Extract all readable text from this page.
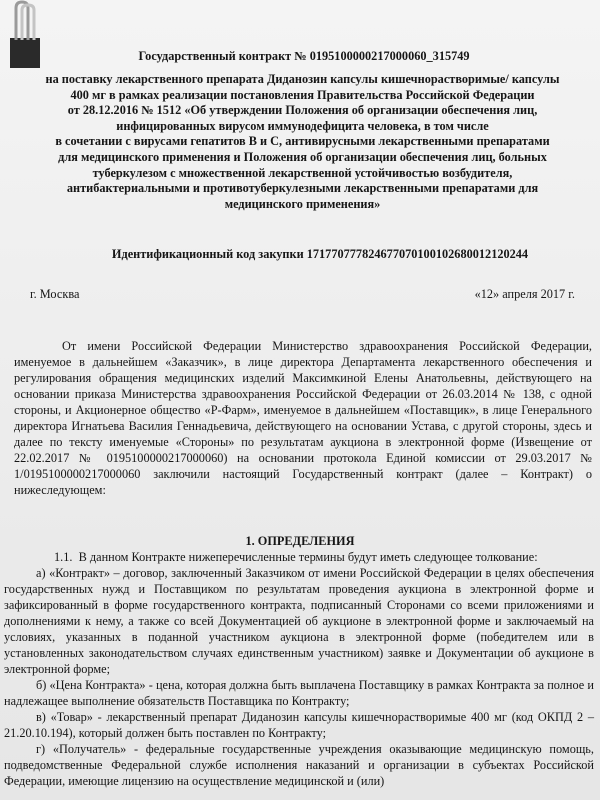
Государственный контракт № 0195100000217000060_315749

на поставку лекарственного препарата Диданозин капсулы кишечнорастворимые/ капсулы
400 мг в рамках реализации постановления Правительства Российской Федерации
от 28.12.2016 № 1512 «Об утверждении Положения об организации обеспечения лиц,
инфицированных вирусом иммунодефицита человека, в том числе
в сочетании с вирусами гепатитов В и С, антивирусными лекарственными препаратами
для медицинского применения и Положения об организации обеспечения лиц, больных
туберкулезом с множественной лекарственной устойчивостью возбудителя,
антибактериальными и противотуберкулезными лекарственными препаратами для
медицинского применения»

Идентификационный код закупки 171770777824677070100102680012120244

г. Москва	«12» апреля 2017 г.

От имени Российской Федерации Министерство здравоохранения Российской Федерации, именуемое в дальнейшем «Заказчик», в лице директора Департамента лекарственного обеспечения и регулирования обращения медицинских изделий Максимкиной Елены Анатольевны, действующего на основании приказа Министерства здравоохранения Российской Федерации от 26.03.2014 № 138, с одной стороны, и Акционерное общество «Р-Фарм», именуемое в дальнейшем «Поставщик», в лице Генерального директора Игнатьева Василия Геннадьевича, действующего на основании Устава, с другой стороны, здесь и далее по тексту именуемые «Стороны» по результатам аукциона в электронной форме (Извещение от 22.02.2017 № 0195100000217000060) на основании протокола Единой комиссии от 29.03.2017 № 1/0195100000217000060 заключили настоящий Государственный контракт (далее – Контракт) о нижеследующем:

1. ОПРЕДЕЛЕНИЯ

1.1.  В данном Контракте нижеперечисленные термины будут иметь следующее толкование:

а) «Контракт» – договор, заключенный Заказчиком от имени Российской Федерации в целях обеспечения государственных нужд и Поставщиком по результатам проведения аукциона в электронной форме и зафиксированный в форме государственного контракта, подписанный Сторонами со всеми приложениями и дополнениями к нему, а также со всей Документацией об аукционе в электронной форме и заключаемый на условиях, указанных в поданной участником аукциона в электронной форме (победителем или в установленных законодательством случаях единственным участником) заявке и Документации об аукционе в электронной форме;

б) «Цена Контракта» - цена, которая должна быть выплачена Поставщику в рамках Контракта за полное и надлежащее выполнение обязательств Поставщика по Контракту;

в) «Товар» - лекарственный препарат Диданозин капсулы кишечнорастворимые 400 мг (код ОКПД 2 – 21.20.10.194), который должен быть поставлен по Контракту;

г) «Получатель» - федеральные государственные учреждения оказывающие медицинскую помощь, подведомственные Федеральной службе исполнения наказаний и организации в субъектах Российской Федерации, имеющие лицензию на осуществление медицинской и (или)
